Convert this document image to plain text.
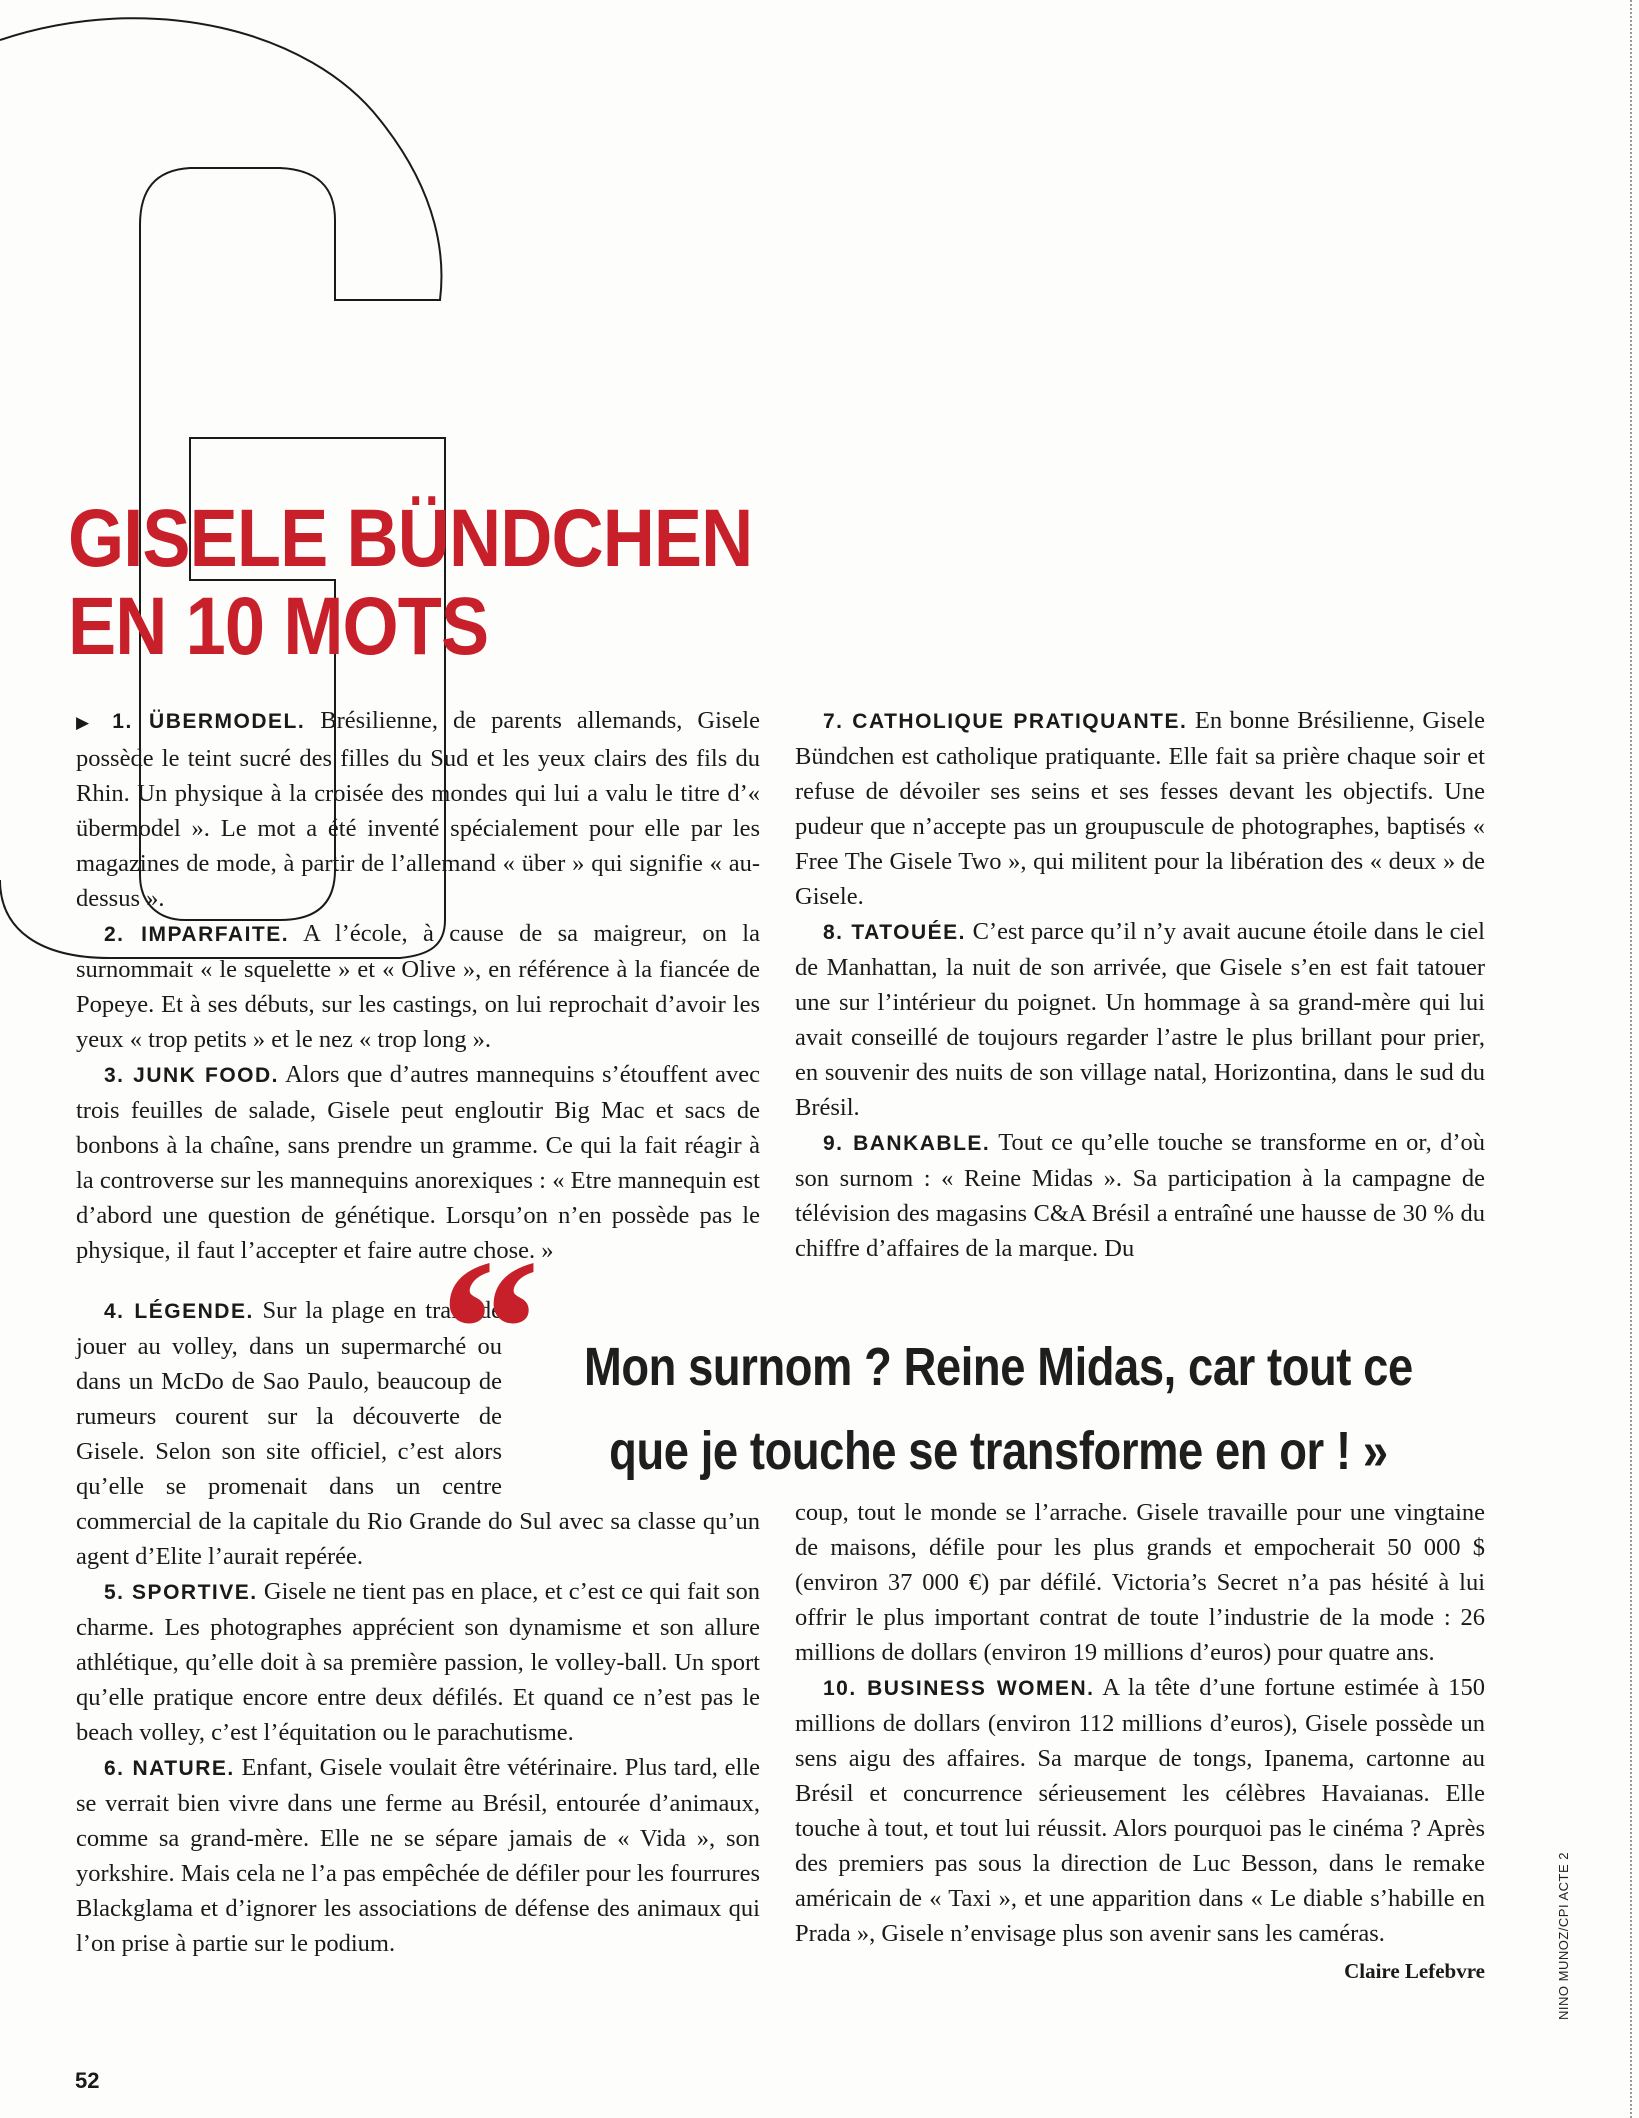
GISELE BÜNDCHEN
EN 10 MOTS

▶ 1. ÜBERMODEL. Brésilienne, de parents allemands, Gisele possède le teint sucré des filles du Sud et les yeux clairs des fils du Rhin. Un physique à la croisée des mondes qui lui a valu le titre d’« übermodel ». Le mot a été inventé spécialement pour elle par les magazines de mode, à partir de l’allemand « über » qui signifie « au-dessus ».

2. IMPARFAITE. A l’école, à cause de sa maigreur, on la surnommait « le squelette » et « Olive », en référence à la fiancée de Popeye. Et à ses débuts, sur les castings, on lui reprochait d’avoir les yeux « trop petits » et le nez « trop long ».

3. JUNK FOOD. Alors que d’autres mannequins s’étouffent avec trois feuilles de salade, Gisele peut engloutir Big Mac et sacs de bonbons à la chaîne, sans prendre un gramme. Ce qui la fait réagir à la controverse sur les mannequins anorexiques : « Etre mannequin est d’abord une question de génétique. Lorsqu’on n’en possède pas le physique, il faut l’accepter et faire autre chose. »

4. LÉGENDE. Sur la plage en train de jouer au volley, dans un supermarché ou dans un McDo de Sao Paulo, beaucoup de rumeurs courent sur la découverte de Gisele. Selon son site officiel, c’est alors qu’elle se promenait dans un centre commercial de la capitale du Rio Grande do Sul avec sa classe qu’un agent d’Elite l’aurait repérée.

5. SPORTIVE. Gisele ne tient pas en place, et c’est ce qui fait son charme. Les photographes apprécient son dynamisme et son allure athlétique, qu’elle doit à sa première passion, le volley-ball. Un sport qu’elle pratique encore entre deux défilés. Et quand ce n’est pas le beach volley, c’est l’équitation ou le parachutisme.

6. NATURE. Enfant, Gisele voulait être vétérinaire. Plus tard, elle se verrait bien vivre dans une ferme au Brésil, entourée d’animaux, comme sa grand-mère. Elle ne se sépare jamais de « Vida », son yorkshire. Mais cela ne l’a pas empêchée de défiler pour les fourrures Blackglama et d’ignorer les associations de défense des animaux qui l’on prise à partie sur le podium.

7. CATHOLIQUE PRATIQUANTE. En bonne Brésilienne, Gisele Bündchen est catholique pratiquante. Elle fait sa prière chaque soir et refuse de dévoiler ses seins et ses fesses devant les objectifs. Une pudeur que n’accepte pas un groupuscule de photographes, baptisés « Free The Gisele Two », qui militent pour la libération des « deux » de Gisele.

8. TATOUÉE. C’est parce qu’il n’y avait aucune étoile dans le ciel de Manhattan, la nuit de son arrivée, que Gisele s’en est fait tatouer une sur l’intérieur du poignet. Un hommage à sa grand-mère qui lui avait conseillé de toujours regarder l’astre le plus brillant pour prier, en souvenir des nuits de son village natal, Horizontina, dans le sud du Brésil.

9. BANKABLE. Tout ce qu’elle touche se transforme en or, d’où son surnom : « Reine Midas ». Sa participation à la campagne de télévision des magasins C&A Brésil a entraîné une hausse de 30 % du chiffre d’affaires de la marque. Du

“ Mon surnom ? Reine Midas, car tout ce
que je touche se transforme en or ! »

coup, tout le monde se l’arrache. Gisele travaille pour une vingtaine de maisons, défile pour les plus grands et empocherait 50 000 $ (environ 37 000 €) par défilé. Victoria’s Secret n’a pas hésité à lui offrir le plus important contrat de toute l’industrie de la mode : 26 millions de dollars (environ 19 millions d’euros) pour quatre ans.

10. BUSINESS WOMEN. A la tête d’une fortune estimée à 150 millions de dollars (environ 112 millions d’euros), Gisele possède un sens aigu des affaires. Sa marque de tongs, Ipanema, cartonne au Brésil et concurrence sérieusement les célèbres Havaianas. Elle touche à tout, et tout lui réussit. Alors pourquoi pas le cinéma ? Après des premiers pas sous la direction de Luc Besson, dans le remake américain de « Taxi », et une apparition dans « Le diable s’habille en Prada », Gisele n’envisage plus son avenir sans les caméras.
Claire Lefebvre

52
NINO MUNOZ/CPI ACTE 2
